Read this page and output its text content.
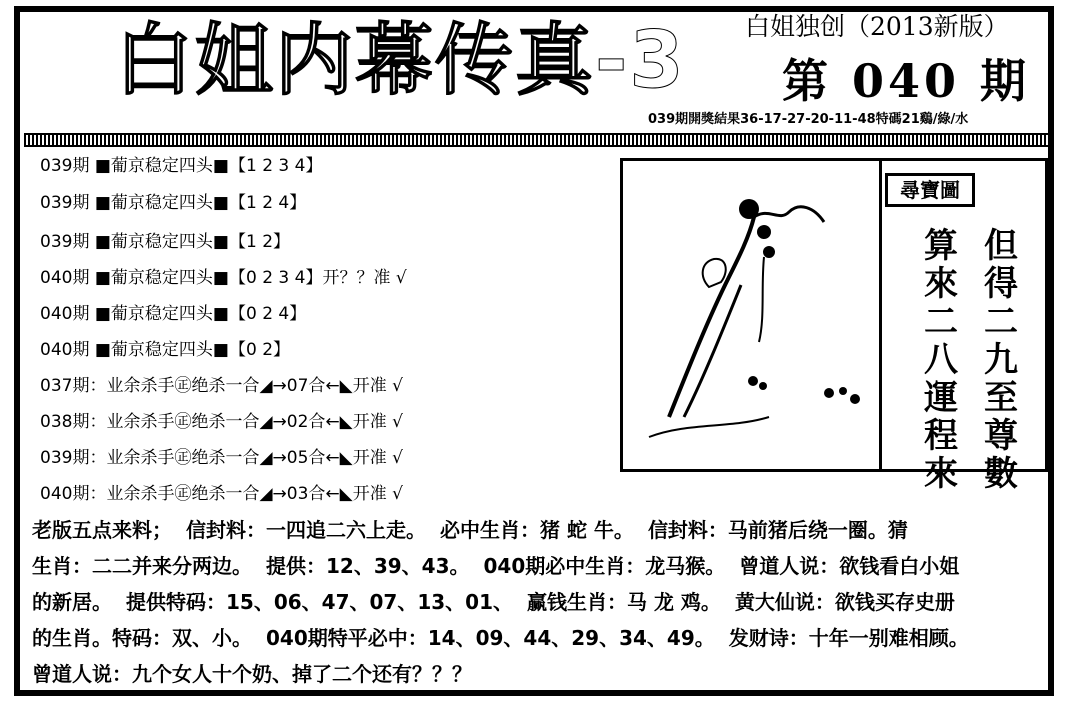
白姐内幕传真-3 白姐独创（2013新版）
第 040 期
039期開獎結果36-17-27-20-11-48特碼21鷄/綠/水
039期 ■葡京稳定四头■【1 2 3 4】
039期 ■葡京稳定四头■【1 2 4】
039期 ■葡京稳定四头■【1 2】
040期 ■葡京稳定四头■【0 2 3 4】开？？准 √
040期 ■葡京稳定四头■【0 2 4】
040期 ■葡京稳定四头■【0 2】
037期：业余杀手㊣绝杀一合◢→07合←◣开准 √
038期：业余杀手㊣绝杀一合◢→02合←◣开准 √
039期：业余杀手㊣绝杀一合◢→05合←◣开准 √
040期：业余杀手㊣绝杀一合◢→03合←◣开准 √
尋寶圖
但得二九至尊數
算來二八運程來
老版五点来料； 信封料：一四追二六上走。 必中生肖：猪 蛇 牛。 信封料：马前猪后绕一圈。猜
生肖：二二并来分两边。 提供：12、39、43。 040期必中生肖：龙马猴。 曾道人说：欲钱看白小姐
的新居。 提供特码：15、06、47、07、13、01、 赢钱生肖：马 龙 鸡。 黄大仙说：欲钱买存史册
的生肖。特码：双、小。 040期特平必中：14、09、44、29、34、49。 发财诗：十年一别难相顾。
曾道人说：九个女人十个奶、掉了二个还有？？？
